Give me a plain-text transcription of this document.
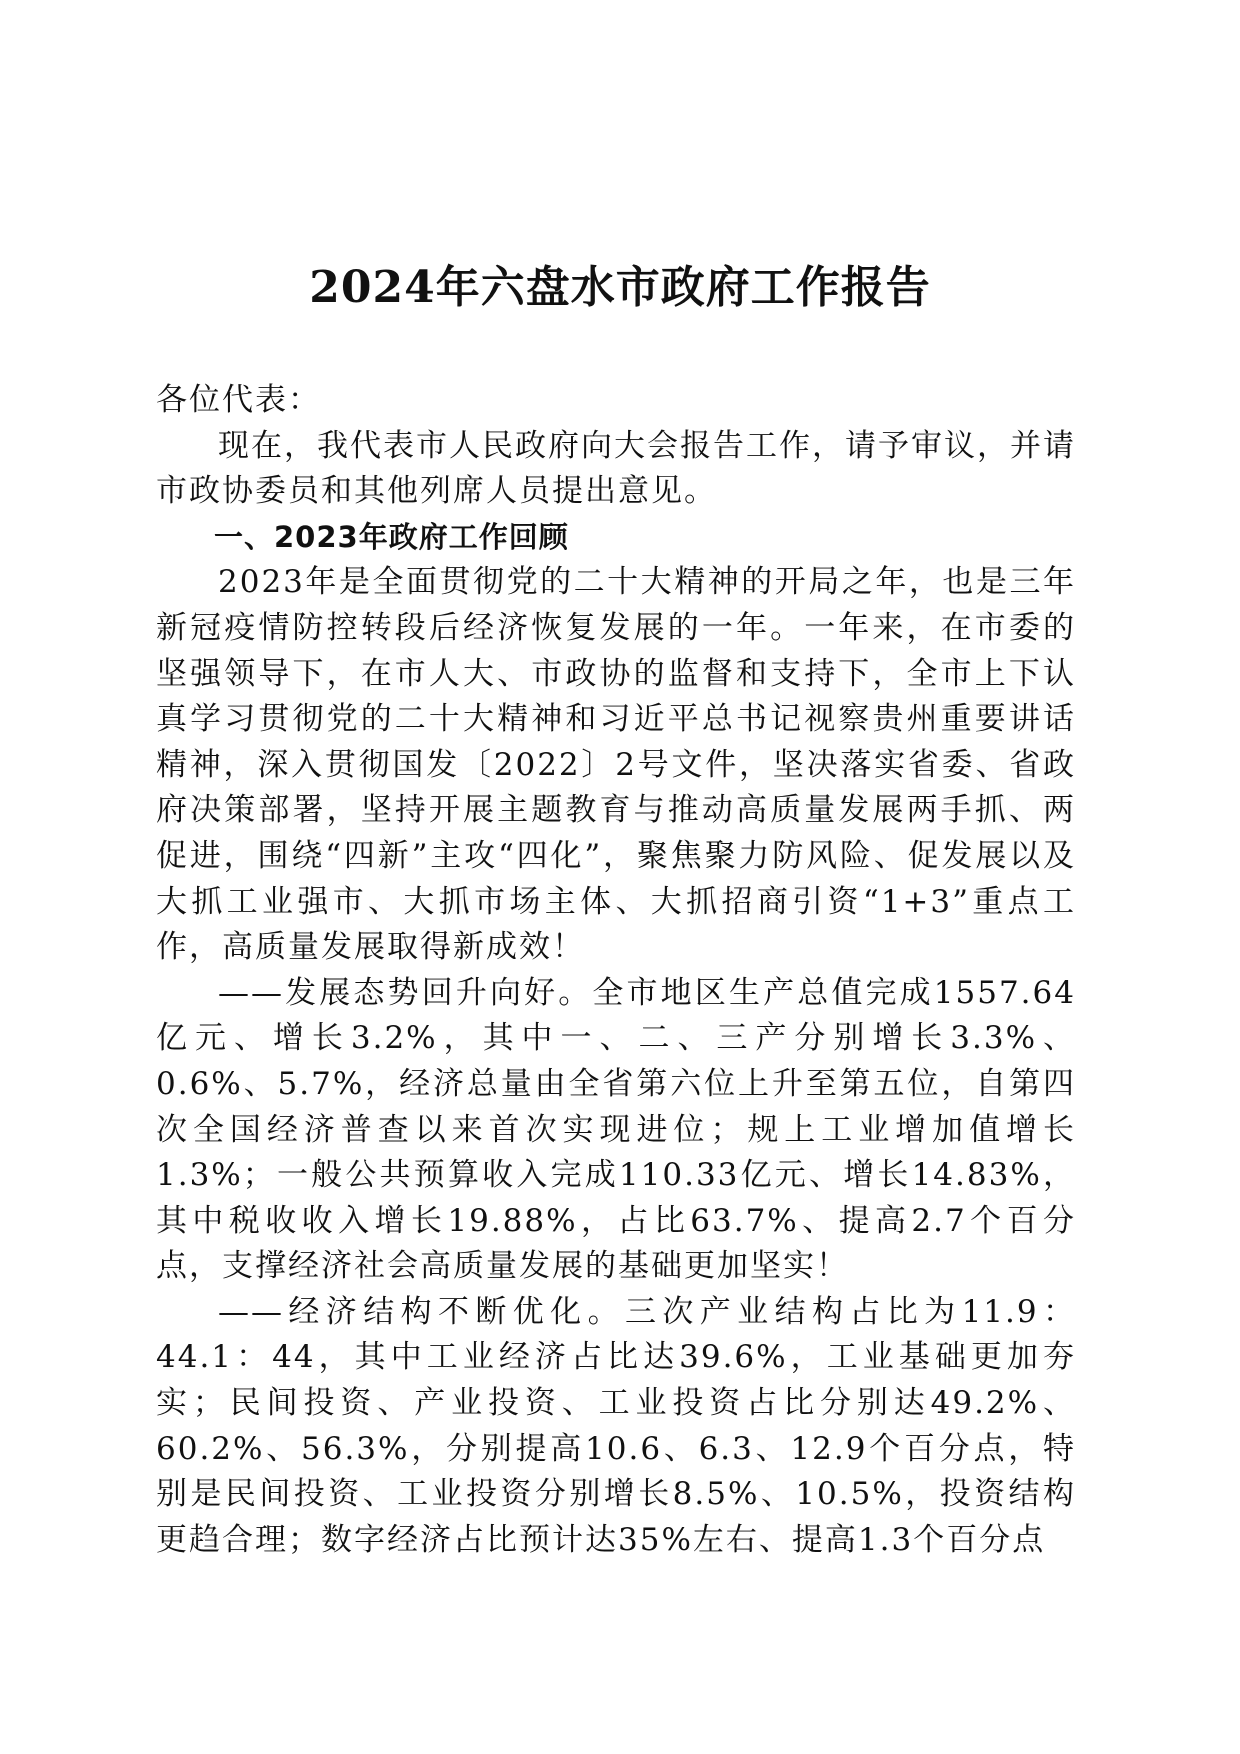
2024年六盘水市政府工作报告

各位代表：

现在，我代表市人民政府向大会报告工作，请予审议，并请市政协委员和其他列席人员提出意见。

一、2023年政府工作回顾

2023年是全面贯彻党的二十大精神的开局之年，也是三年新冠疫情防控转段后经济恢复发展的一年。一年来，在市委的坚强领导下，在市人大、市政协的监督和支持下，全市上下认真学习贯彻党的二十大精神和习近平总书记视察贵州重要讲话精神，深入贯彻国发〔2022〕2号文件，坚决落实省委、省政府决策部署，坚持开展主题教育与推动高质量发展两手抓、两促进，围绕“四新”主攻“四化”，聚焦聚力防风险、促发展以及大抓工业强市、大抓市场主体、大抓招商引资“1+3”重点工作，高质量发展取得新成效！

——发展态势回升向好。全市地区生产总值完成1557.64亿元、增长3.2%，其中一、二、三产分别增长3.3%、0.6%、5.7%，经济总量由全省第六位上升至第五位，自第四次全国经济普查以来首次实现进位；规上工业增加值增长1.3%；一般公共预算收入完成110.33亿元、增长14.83%，其中税收收入增长19.88%，占比63.7%、提高2.7个百分点，支撑经济社会高质量发展的基础更加坚实！

——经济结构不断优化。三次产业结构占比为11.9：44.1：44，其中工业经济占比达39.6%，工业基础更加夯实；民间投资、产业投资、工业投资占比分别达49.2%、60.2%、56.3%，分别提高10.6、6.3、12.9个百分点，特别是民间投资、工业投资分别增长8.5%、10.5%，投资结构更趋合理；数字经济占比预计达35%左右、提高1.3个百分点
